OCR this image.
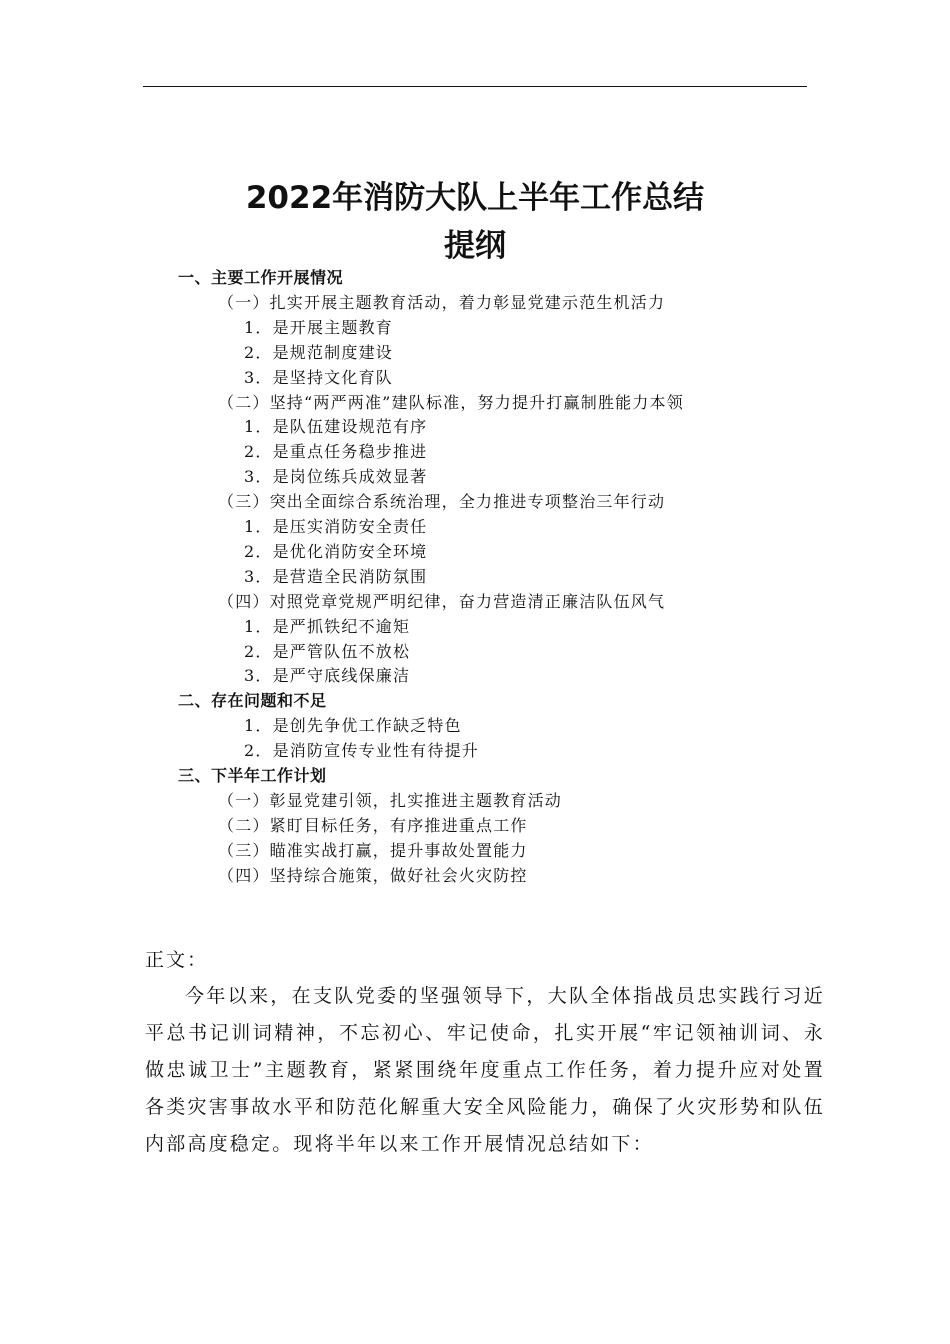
2022年消防大队上半年工作总结
提纲
一、主要工作开展情况
（一）扎实开展主题教育活动，着力彰显党建示范生机活力
1．是开展主题教育
2．是规范制度建设
3．是坚持文化育队
（二）坚持“两严两准”建队标准，努力提升打赢制胜能力本领
1．是队伍建设规范有序
2．是重点任务稳步推进
3．是岗位练兵成效显著
（三）突出全面综合系统治理，全力推进专项整治三年行动
1．是压实消防安全责任
2．是优化消防安全环境
3．是营造全民消防氛围
（四）对照党章党规严明纪律，奋力营造清正廉洁队伍风气
1．是严抓铁纪不逾矩
2．是严管队伍不放松
3．是严守底线保廉洁
二、存在问题和不足
1．是创先争优工作缺乏特色
2．是消防宣传专业性有待提升
三、下半年工作计划
（一）彰显党建引领，扎实推进主题教育活动
（二）紧盯目标任务，有序推进重点工作
（三）瞄准实战打赢，提升事故处置能力
（四）坚持综合施策，做好社会火灾防控
正文：

今年以来，在支队党委的坚强领导下，大队全体指战员忠实践行习近平总书记训词精神，不忘初心、牢记使命，扎实开展“牢记领袖训词、永做忠诚卫士”主题教育，紧紧围绕年度重点工作任务，着力提升应对处置各类灾害事故水平和防范化解重大安全风险能力，确保了火灾形势和队伍内部高度稳定。现将半年以来工作开展情况总结如下：
